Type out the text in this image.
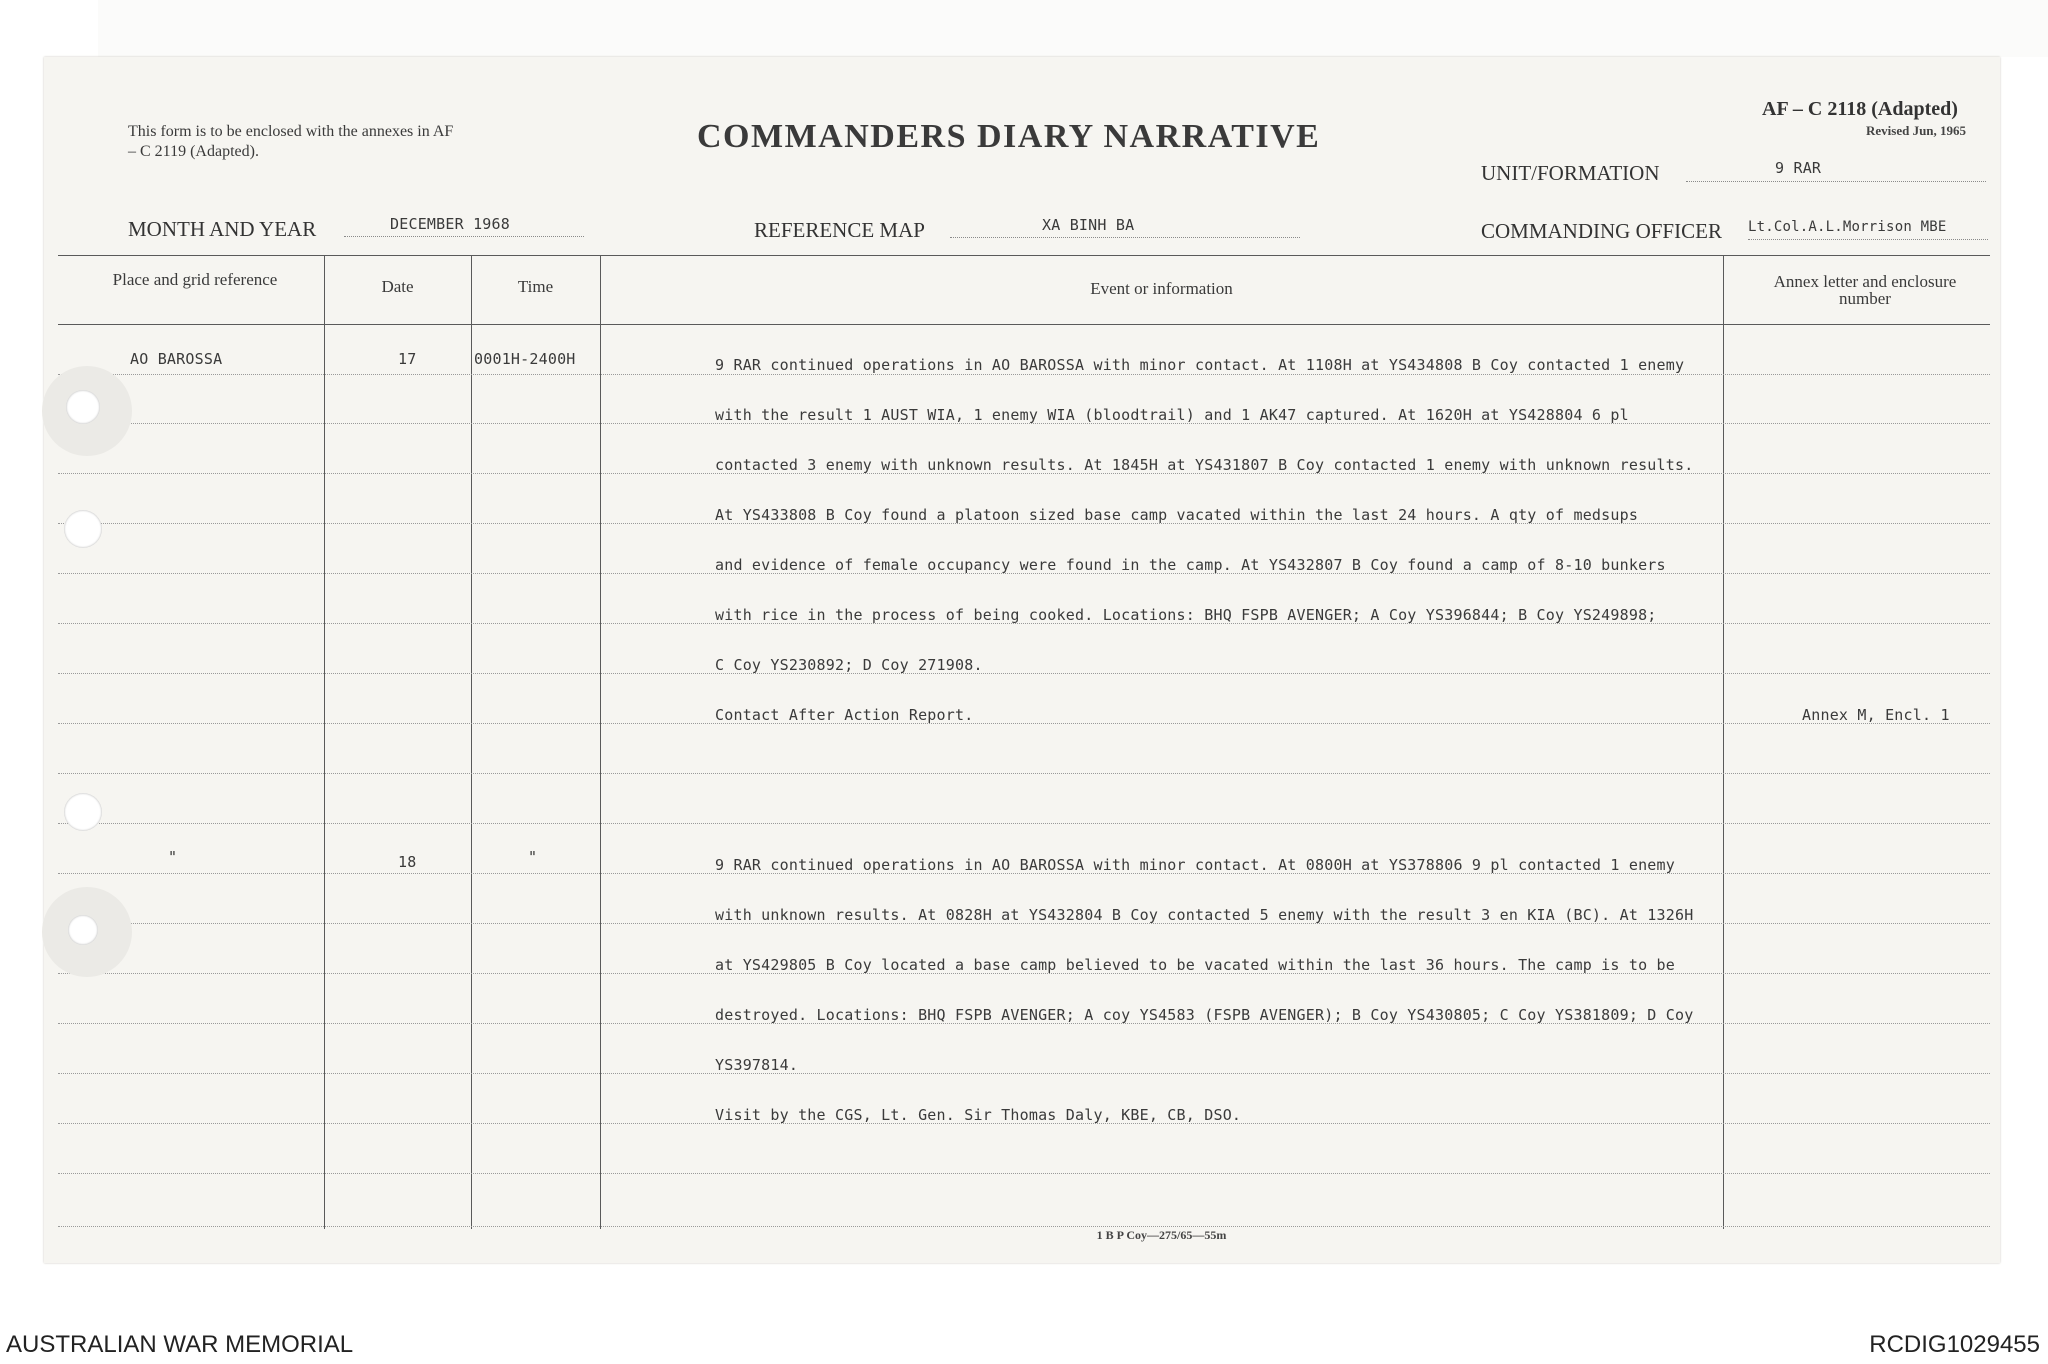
This form is to be enclosed with the annexes in AF – C 2119 (Adapted).	COMMANDERS DIARY NARRATIVE
AF – C 2118 (Adapted)
Revised Jun, 1965
UNIT/FORMATION	9 RAR
MONTH AND YEAR	DECEMBER 1968	REFERENCE MAP	XA BINH BA	COMMANDING OFFICER Lt.Col.A.L.Morrison MBE
Place and grid reference	Date	Time	Event or information	Annex letter and enclosure number
AO BAROSSA	17	0001H-2400H	9 RAR continued operations in AO BAROSSA with minor contact. At 1108H at YS434808 B Coy contacted 1 enemy
with the result 1 AUST WIA, 1 enemy WIA (bloodtrail) and 1 AK47 captured. At 1620H at YS428804 6 pl
contacted 3 enemy with unknown results. At 1845H at YS431807 B Coy contacted 1 enemy with unknown results.
At YS433808 B Coy found a platoon sized base camp vacated within the last 24 hours. A qty of medsups
and evidence of female occupancy were found in the camp. At YS432807 B Coy found a camp of 8-10 bunkers
with rice in the process of being cooked. Locations: BHQ FSPB AVENGER; A Coy YS396844; B Coy YS249898;
C Coy YS230892; D Coy 271908.
Contact After Action Report.	Annex M, Encl. 1
"	18	"	9 RAR continued operations in AO BAROSSA with minor contact. At 0800H at YS378806 9 pl contacted 1 enemy
with unknown results. At 0828H at YS432804 B Coy contacted 5 enemy with the result 3 en KIA (BC). At 1326H
at YS429805 B Coy located a base camp believed to be vacated within the last 36 hours. The camp is to be
destroyed. Locations: BHQ FSPB AVENGER; A coy YS4583 (FSPB AVENGER); B Coy YS430805; C Coy YS381809; D Coy
YS397814.
Visit by the CGS, Lt. Gen. Sir Thomas Daly, KBE, CB, DSO.
1 B P Coy—275/65—55m
AUSTRALIAN WAR MEMORIAL	RCDIG1029455
